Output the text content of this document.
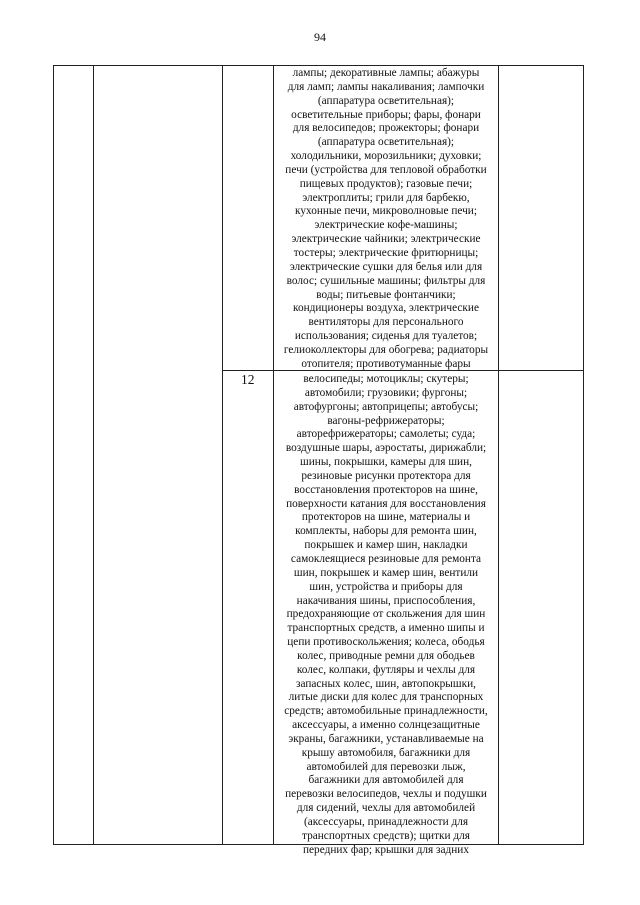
94
12
лампы; декоративные лампы; абажуры
для ламп; лампы накаливания; лампочки
(аппаратура осветительная);
осветительные приборы; фары, фонари
для велосипедов; прожекторы; фонари
(аппаратура осветительная);
холодильники, морозильники; духовки;
печи (устройства для тепловой обработки
пищевых продуктов); газовые печи;
электроплиты; грили для барбекю,
кухонные печи, микроволновые печи;
электрические кофе-машины;
электрические чайники; электрические
тостеры; электрические фритюрницы;
электрические сушки для белья или для
волос; сушильные машины; фильтры для
воды; питьевые фонтанчики;
кондиционеры воздуха, электрические
вентиляторы для персонального
использования; сиденья для туалетов;
гелиоколлекторы для обогрева; радиаторы
отопителя; противотуманные фары
велосипеды; мотоциклы; скутеры;
автомобили; грузовики; фургоны;
автофургоны; автоприцепы; автобусы;
вагоны-рефрижераторы;
авторефрижераторы; самолеты; суда;
воздушные шары, аэростаты, дирижабли;
шины, покрышки, камеры для шин,
резиновые рисунки протектора для
восстановления протекторов на шине,
поверхности катания для восстановления
протекторов на шине, материалы и
комплекты, наборы для ремонта шин,
покрышек и камер шин, накладки
самоклеящиеся резиновые для ремонта
шин, покрышек и камер шин, вентили
шин, устройства и приборы для
накачивания шины, приспособления,
предохраняющие от скольжения для шин
транспортных средств, а именно шипы и
цепи противоскольжения; колеса, ободья
колес, приводные ремни для ободьев
колес, колпаки, футляры и чехлы для
запасных колес, шин, автопокрышки,
литые диски для колес для транспорных
средств; автомобильные принадлежности,
аксессуары, а именно солнцезащитные
экраны, багажники, устанавливаемые на
крышу автомобиля, багажники для
автомобилей для перевозки лыж,
багажники для автомобилей для
перевозки велосипедов, чехлы и подушки
для сидений, чехлы для автомобилей
(аксессуары, принадлежности для
транспортных средств); щитки для
передних фар; крышки для задних
